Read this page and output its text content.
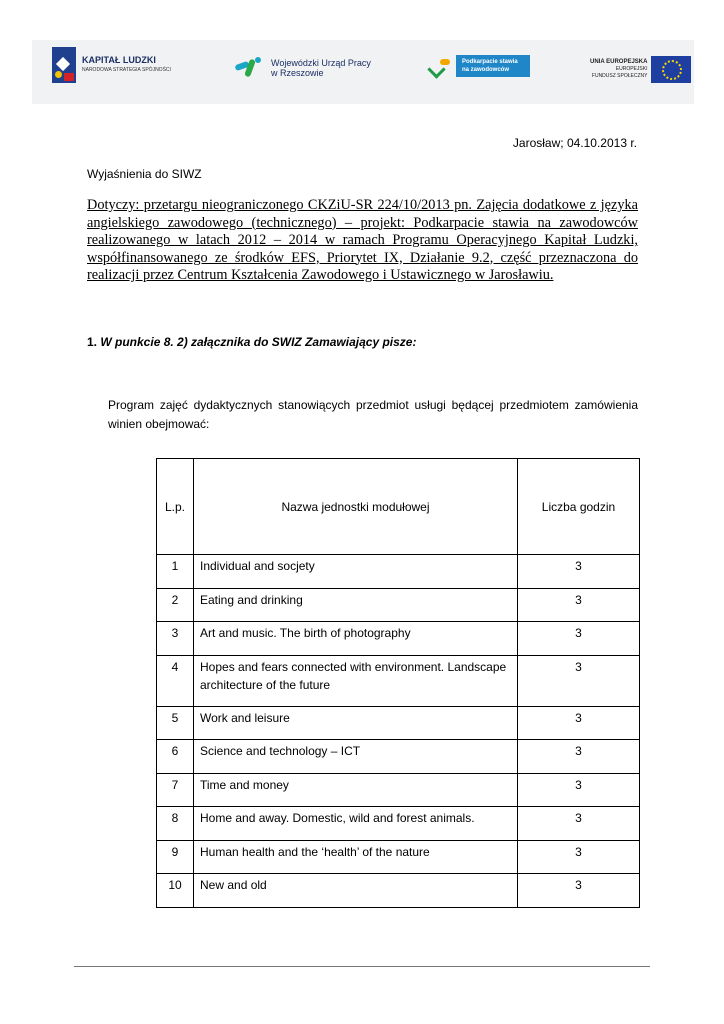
KAPITAŁ LUDZKI
NARODOWA STRATEGIA SPÓJNOŚCI
Wojewódzki Urząd Pracy
w Rzeszowie
Podkarpacie stawia
na zawodowców
UNIA EUROPEJSKA
EUROPEJSKI
FUNDUSZ SPOŁECZNY
Jarosław; 04.10.2013 r.
Wyjaśnienia do SIWZ
Dotyczy: przetargu nieograniczonego CKZiU-SR 224/10/2013 pn. Zajęcia dodatkowe z języka angielskiego zawodowego (technicznego) – projekt: Podkarpacie stawia na zawodowców realizowanego w latach 2012 – 2014 w ramach Programu Operacyjnego Kapitał Ludzki, współfinansowanego ze środków EFS, Priorytet IX, Działanie 9.2, część przeznaczona do realizacji przez Centrum Kształcenia Zawodowego i Ustawicznego w Jarosławiu.
1. W punkcie 8. 2) załącznika do SWIZ Zamawiający pisze:
Program zajęć dydaktycznych stanowiących przedmiot usługi będącej przedmiotem zamówienia winien obejmować:
L.p.	Nazwa jednostki modułowej	Liczba godzin
1	Individual and socjety	3
2	Eating and drinking	3
3	Art and music. The birth of photography	3
4	Hopes and fears connected with environment. Landscape architecture of the future	3
5	Work and leisure	3
6	Science and technology – ICT	3
7	Time and money	3
8	Home and away. Domestic, wild and forest animals.	3
9	Human health and the ‘health’ of the nature	3
10	New and old	3
